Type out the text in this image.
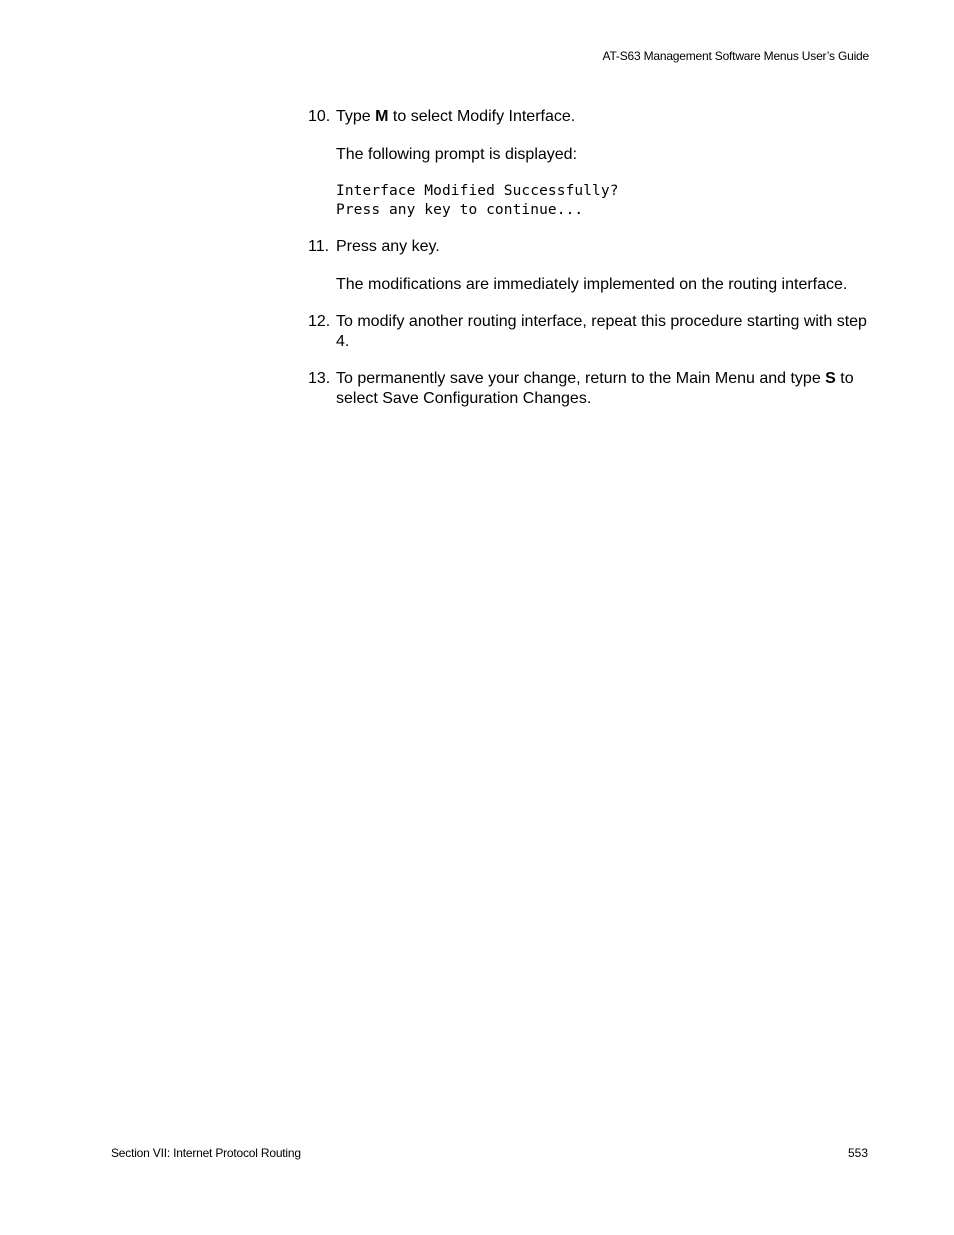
AT-S63 Management Software Menus User’s Guide

10. Type M to select Modify Interface.

The following prompt is displayed:

Interface Modified Successfully?
Press any key to continue...

11. Press any key.

The modifications are immediately implemented on the routing interface.

12. To modify another routing interface, repeat this procedure starting with step 4.

13. To permanently save your change, return to the Main Menu and type S to select Save Configuration Changes.

Section VII: Internet Protocol Routing	553
